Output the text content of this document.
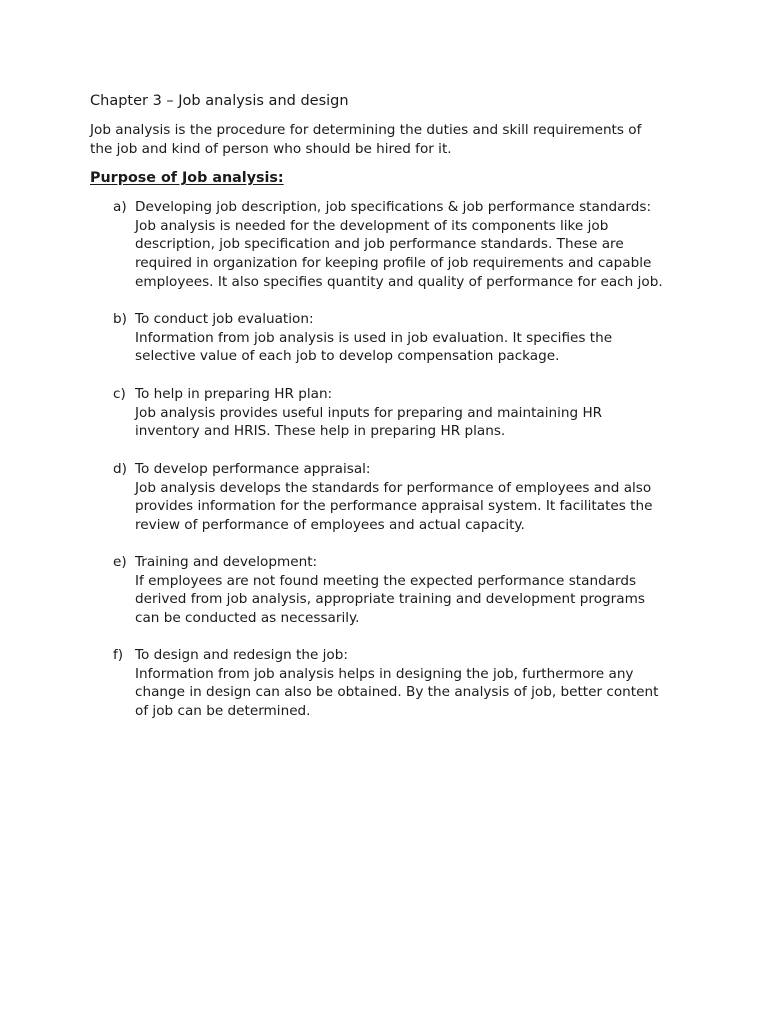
Chapter 3 – Job analysis and design

Job analysis is the procedure for determining the duties and skill requirements of
the job and kind of person who should be hired for it.

Purpose of Job analysis:
a) Developing job description, job specifications & job performance standards:
Job analysis is needed for the development of its components like job
description, job specification and job performance standards. These are
required in organization for keeping profile of job requirements and capable
employees. It also specifies quantity and quality of performance for each job.
b) To conduct job evaluation:
Information from job analysis is used in job evaluation. It specifies the
selective value of each job to develop compensation package.
c) To help in preparing HR plan:
Job analysis provides useful inputs for preparing and maintaining HR
inventory and HRIS. These help in preparing HR plans.
d) To develop performance appraisal:
Job analysis develops the standards for performance of employees and also
provides information for the performance appraisal system. It facilitates the
review of performance of employees and actual capacity.
e) Training and development:
If employees are not found meeting the expected performance standards
derived from job analysis, appropriate training and development programs
can be conducted as necessarily.
f) To design and redesign the job:
Information from job analysis helps in designing the job, furthermore any
change in design can also be obtained. By the analysis of job, better content
of job can be determined.
